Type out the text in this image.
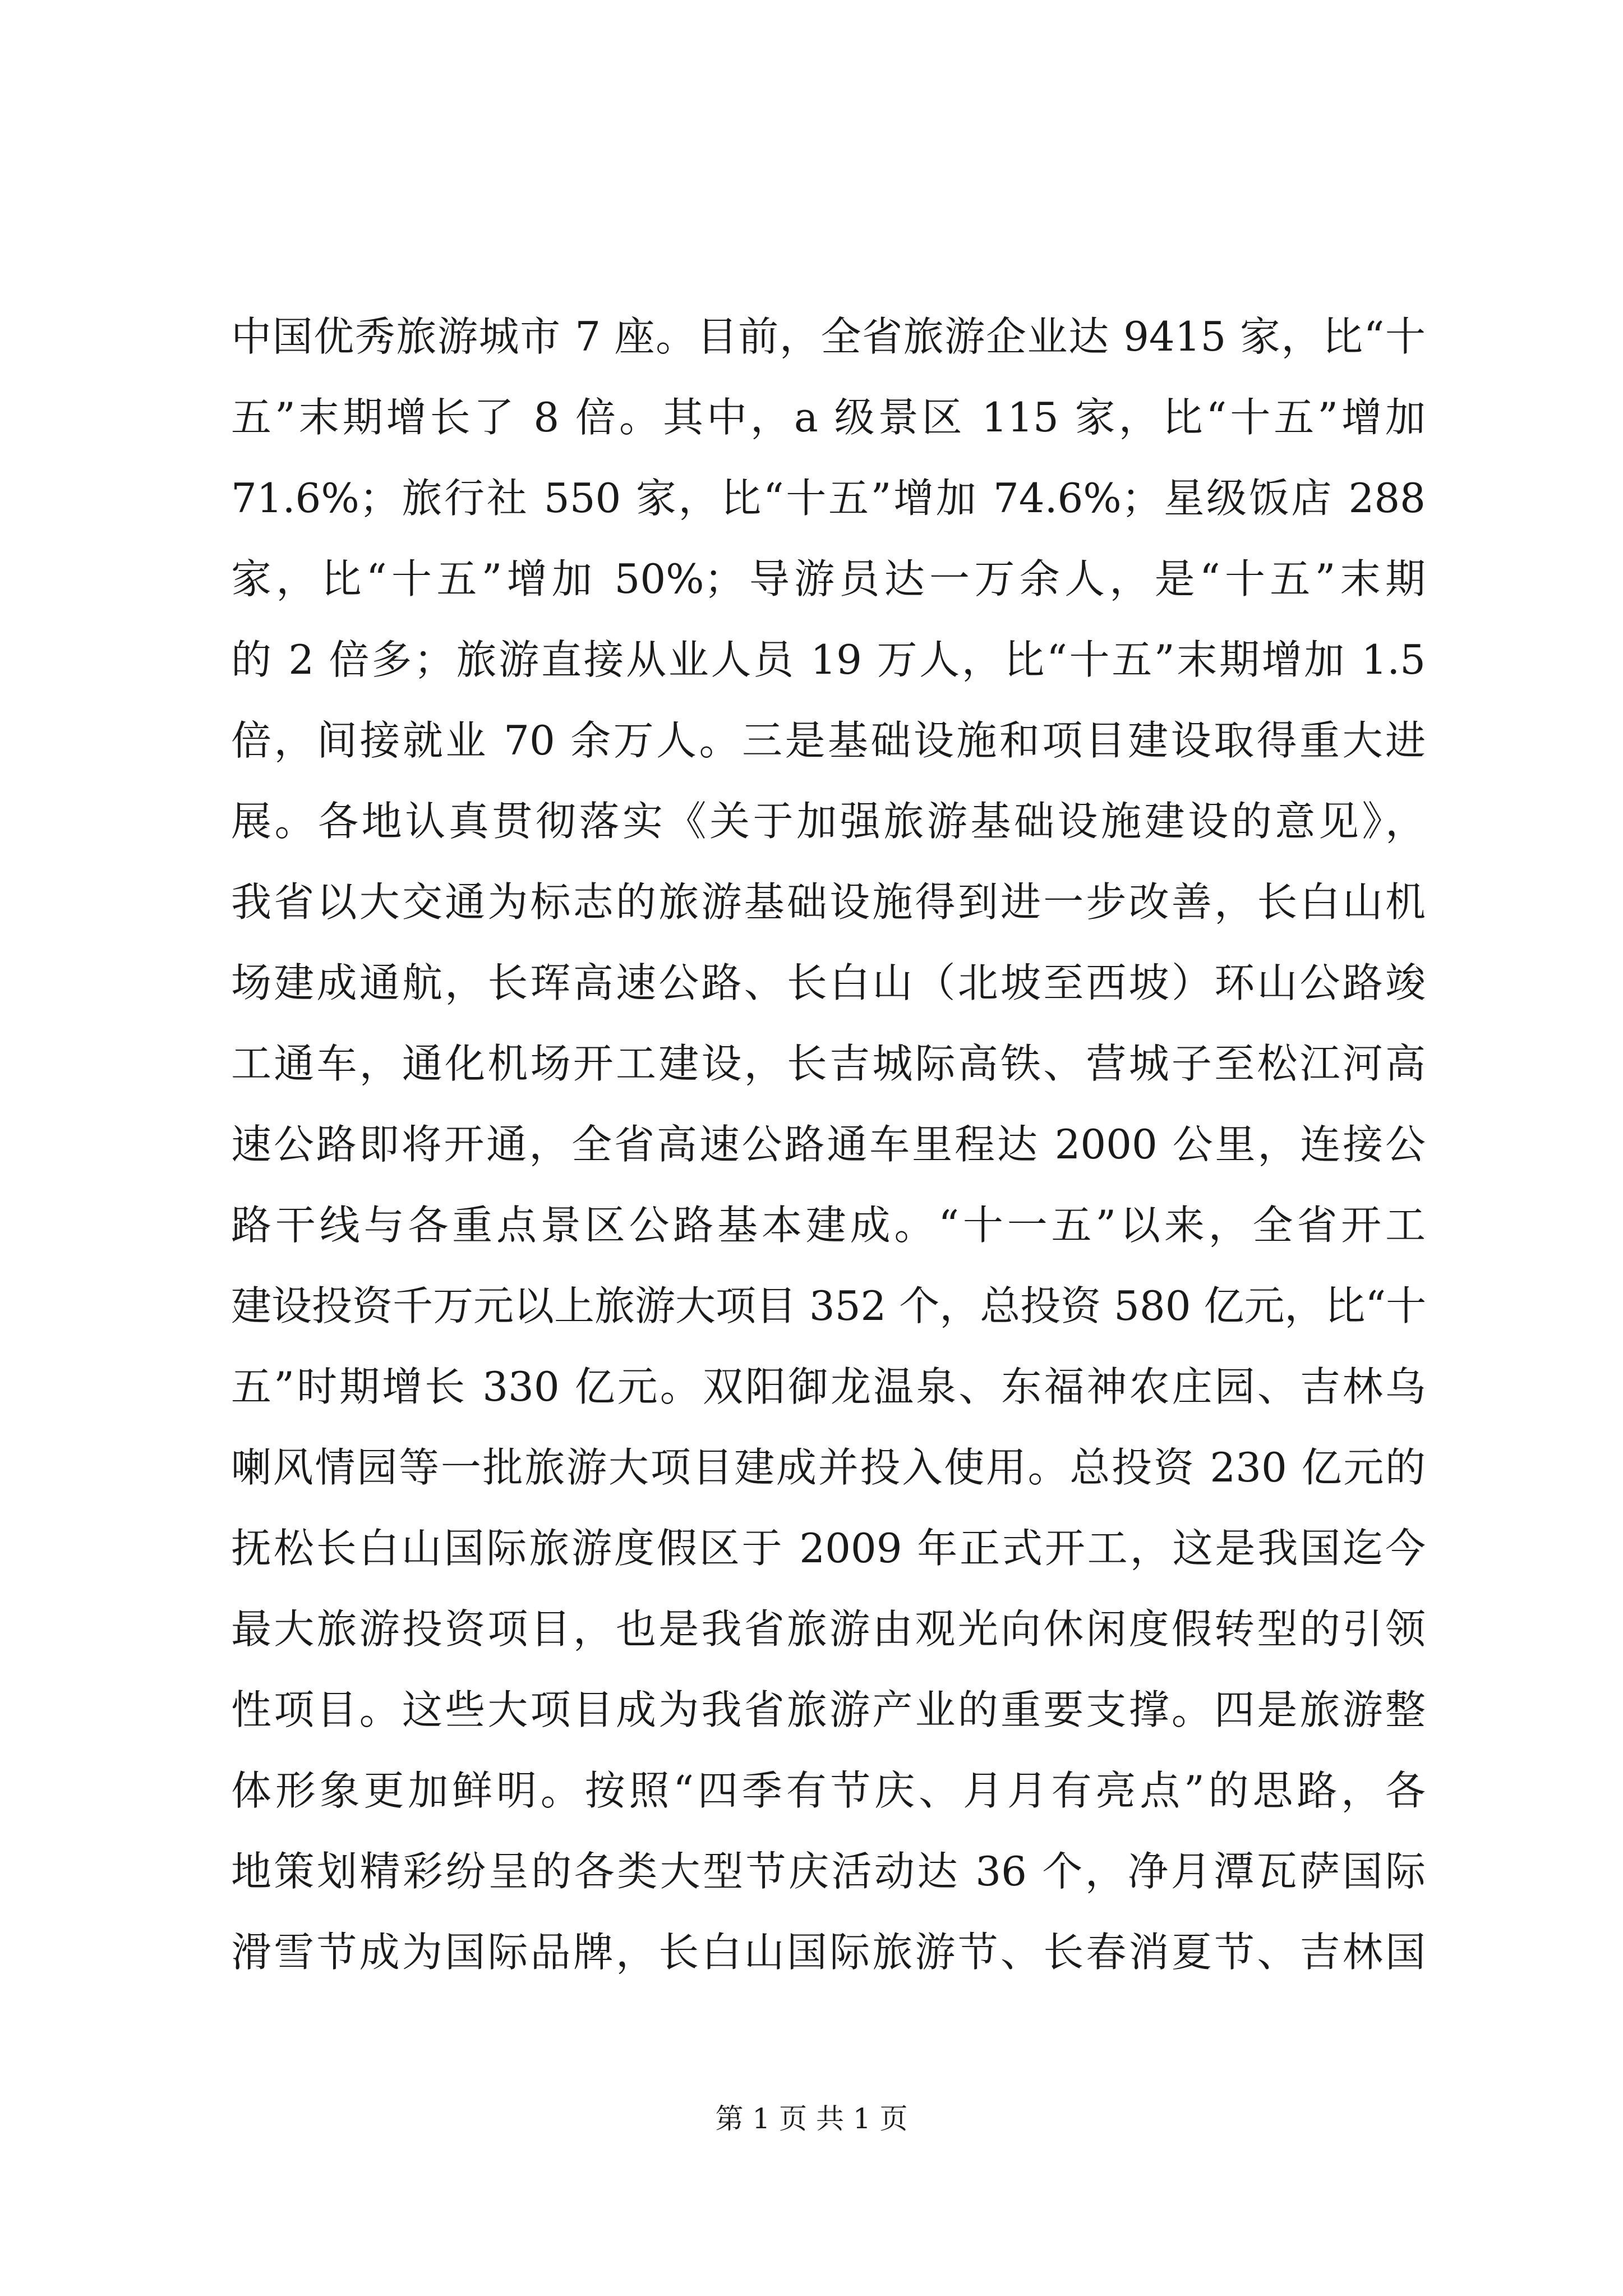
中国优秀旅游城市 7 座。目前，全省旅游企业达 9415 家，比“十
五”末期增长了 8 倍。其中，a 级景区 115 家，比“十五”增加
71.6%；旅行社 550 家，比“十五”增加 74.6%；星级饭店 288
家，比“十五”增加 50%；导游员达一万余人，是“十五”末期
的 2 倍多；旅游直接从业人员 19 万人，比“十五”末期增加 1.5
倍，间接就业 70 余万人。三是基础设施和项目建设取得重大进
展。各地认真贯彻落实《关于加强旅游基础设施建设的意见》，
我省以大交通为标志的旅游基础设施得到进一步改善，长白山机
场建成通航，长珲高速公路、长白山（北坡至西坡）环山公路竣
工通车，通化机场开工建设，长吉城际高铁、营城子至松江河高
速公路即将开通，全省高速公路通车里程达 2000 公里，连接公
路干线与各重点景区公路基本建成。“十一五”以来，全省开工
建设投资千万元以上旅游大项目 352 个，总投资 580 亿元，比“十
五”时期增长 330 亿元。双阳御龙温泉、东福神农庄园、吉林乌
喇风情园等一批旅游大项目建成并投入使用。总投资 230 亿元的
抚松长白山国际旅游度假区于 2009 年正式开工，这是我国迄今
最大旅游投资项目，也是我省旅游由观光向休闲度假转型的引领
性项目。这些大项目成为我省旅游产业的重要支撑。四是旅游整
体形象更加鲜明。按照“四季有节庆、月月有亮点”的思路，各
地策划精彩纷呈的各类大型节庆活动达 36 个，净月潭瓦萨国际
滑雪节成为国际品牌，长白山国际旅游节、长春消夏节、吉林国
第 1 页 共 1 页
